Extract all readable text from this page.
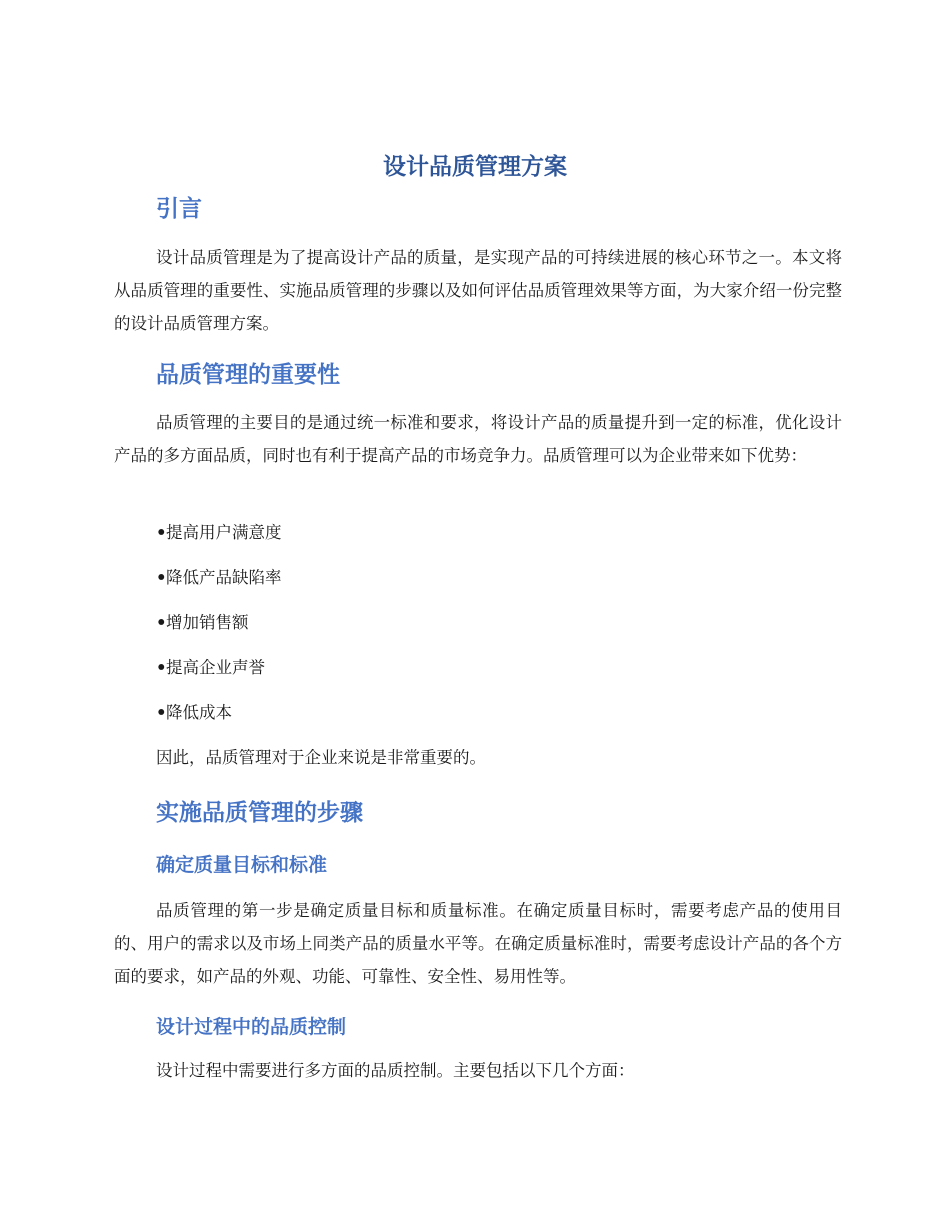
设计品质管理方案
引言

设计品质管理是为了提高设计产品的质量，是实现产品的可持续进展的核心环节之一。本文将从品质管理的重要性、实施品质管理的步骤以及如何评估品质管理效果等方面，为大家介绍一份完整的设计品质管理方案。

品质管理的重要性

品质管理的主要目的是通过统一标准和要求，将设计产品的质量提升到一定的标准，优化设计产品的多方面品质，同时也有利于提高产品的市场竞争力。品质管理可以为企业带来如下优势：

•提高用户满意度
•降低产品缺陷率
•增加销售额
•提高企业声誉
•降低成本

因此，品质管理对于企业来说是非常重要的。

实施品质管理的步骤
确定质量目标和标准

品质管理的第一步是确定质量目标和质量标准。在确定质量目标时，需要考虑产品的使用目的、用户的需求以及市场上同类产品的质量水平等。在确定质量标准时，需要考虑设计产品的各个方面的要求，如产品的外观、功能、可靠性、安全性、易用性等。

设计过程中的品质控制

设计过程中需要进行多方面的品质控制。主要包括以下几个方面：
